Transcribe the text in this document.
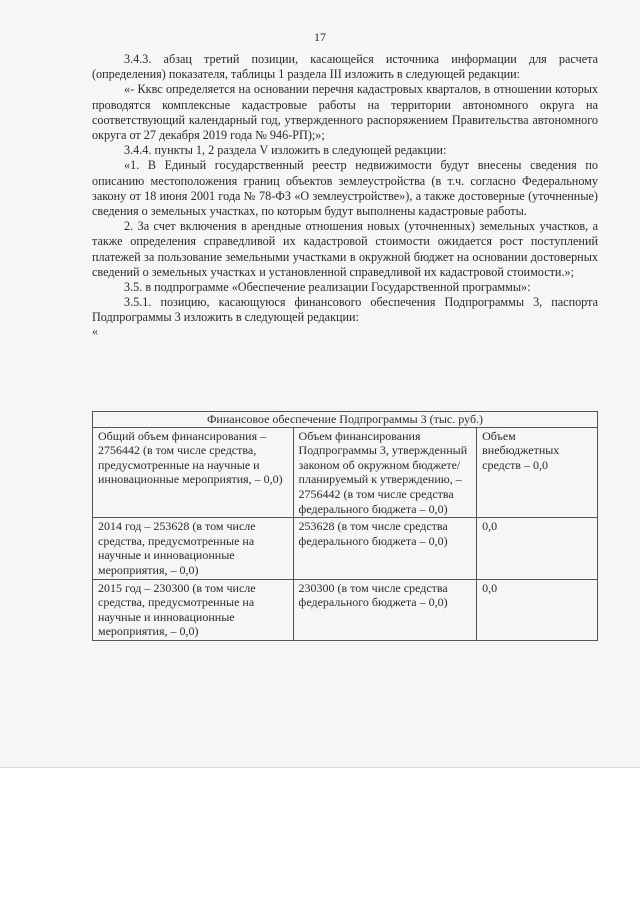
17

3.4.3. абзац третий позиции, касающейся источника информации для расчета (определения) показателя, таблицы 1 раздела III изложить в следующей редакции:

«- Кквс определяется на основании перечня кадастровых кварталов, в отношении которых проводятся комплексные кадастровые работы на территории автономного округа на соответствующий календарный год, утвержденного распоряжением Правительства автономного округа от 27 декабря 2019 года № 946-РП);»;

3.4.4. пункты 1, 2 раздела V изложить в следующей редакции:

«1. В Единый государственный реестр недвижимости будут внесены сведения по описанию местоположения границ объектов землеустройства (в т.ч. согласно Федеральному закону от 18 июня 2001 года № 78-ФЗ «О землеустройстве»), а также достоверные (уточненные) сведения о земельных участках, по которым будут выполнены кадастровые работы.

2. За счет включения в арендные отношения новых (уточненных) земельных участков, а также определения справедливой их кадастровой стоимости ожидается рост поступлений платежей за пользование земельными участками в окружной бюджет на основании достоверных сведений о земельных участках и установленной справедливой их кадастровой стоимости.»;

3.5. в подпрограмме «Обеспечение реализации Государственной программы»:

3.5.1. позицию, касающуюся финансового обеспечения Подпрограммы 3, паспорта Подпрограммы 3 изложить в следующей редакции:

«
Финансовое обеспечение Подпрограммы 3 (тыс. руб.)		
Общий объем финансирования – 2756442 (в том числе средства, предусмотренные на научные и инновационные мероприятия, – 0,0)	Объем финансирования Подпрограммы 3, утвержденный законом об окружном бюджете/планируемый к утверждению, – 2756442 (в том числе средства федерального бюджета – 0,0)	Объем внебюджетных средств – 0,0
2014 год – 253628 (в том числе средства, предусмотренные на научные и инновационные мероприятия, – 0,0)	253628 (в том числе средства федерального бюджета – 0,0)	0,0
2015 год – 230300 (в том числе средства, предусмотренные на научные и инновационные мероприятия, – 0,0)	230300 (в том числе средства федерального бюджета – 0,0)	0,0
